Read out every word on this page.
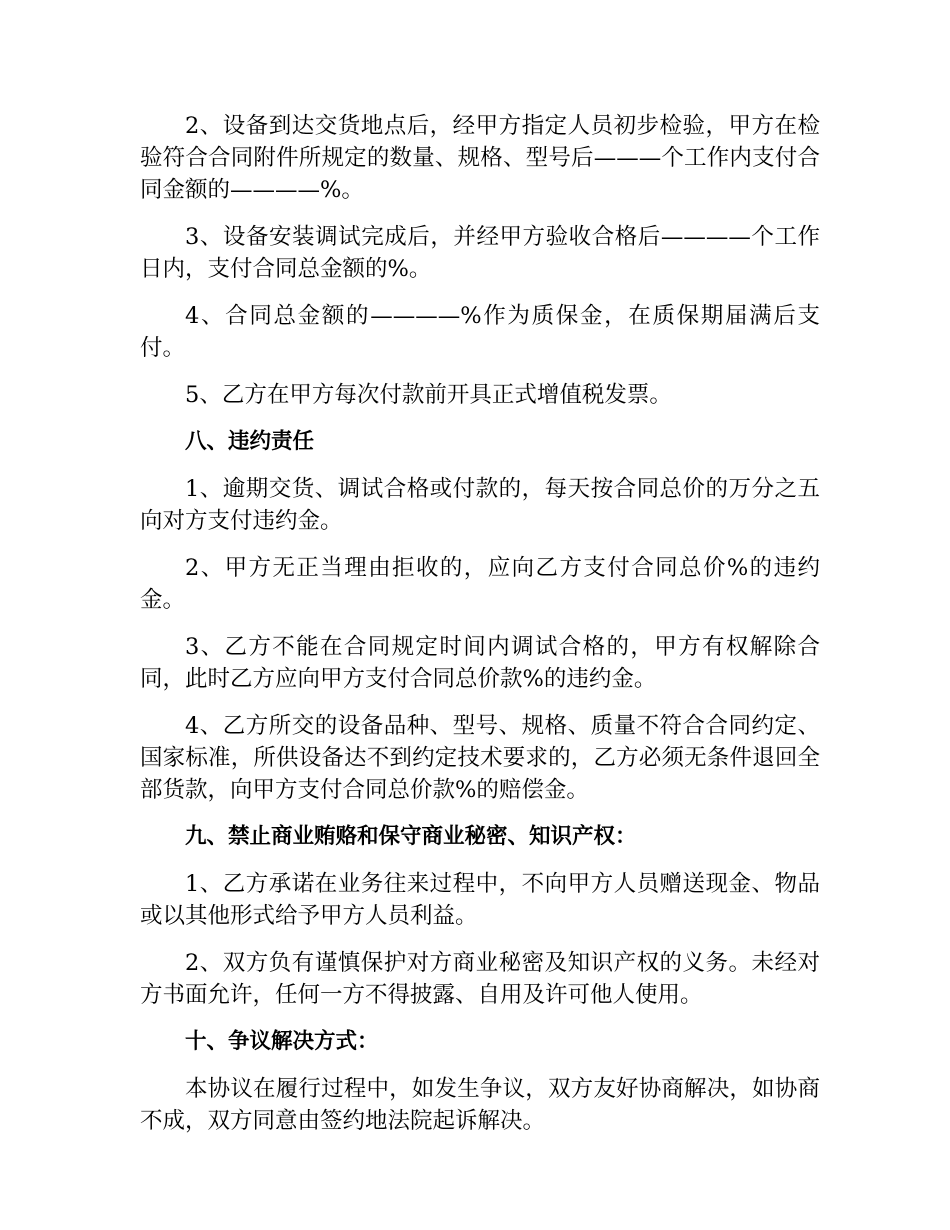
2、设备到达交货地点后，经甲方指定人员初步检验，甲方在检验符合合同附件所规定的数量、规格、型号后———个工作内支付合同金额的————%。

3、设备安装调试完成后，并经甲方验收合格后————个工作日内，支付合同总金额的%。

4、合同总金额的————%作为质保金，在质保期届满后支付。

5、乙方在甲方每次付款前开具正式增值税发票。

八、违约责任

1、逾期交货、调试合格或付款的，每天按合同总价的万分之五向对方支付违约金。

2、甲方无正当理由拒收的，应向乙方支付合同总价%的违约金。

3、乙方不能在合同规定时间内调试合格的，甲方有权解除合同，此时乙方应向甲方支付合同总价款%的违约金。

4、乙方所交的设备品种、型号、规格、质量不符合合同约定、国家标准，所供设备达不到约定技术要求的，乙方必须无条件退回全部货款，向甲方支付合同总价款%的赔偿金。

九、禁止商业贿赂和保守商业秘密、知识产权：

1、乙方承诺在业务往来过程中，不向甲方人员赠送现金、物品或以其他形式给予甲方人员利益。

2、双方负有谨慎保护对方商业秘密及知识产权的义务。未经对方书面允许，任何一方不得披露、自用及许可他人使用。

十、争议解决方式：

本协议在履行过程中，如发生争议，双方友好协商解决，如协商不成，双方同意由签约地法院起诉解决。
